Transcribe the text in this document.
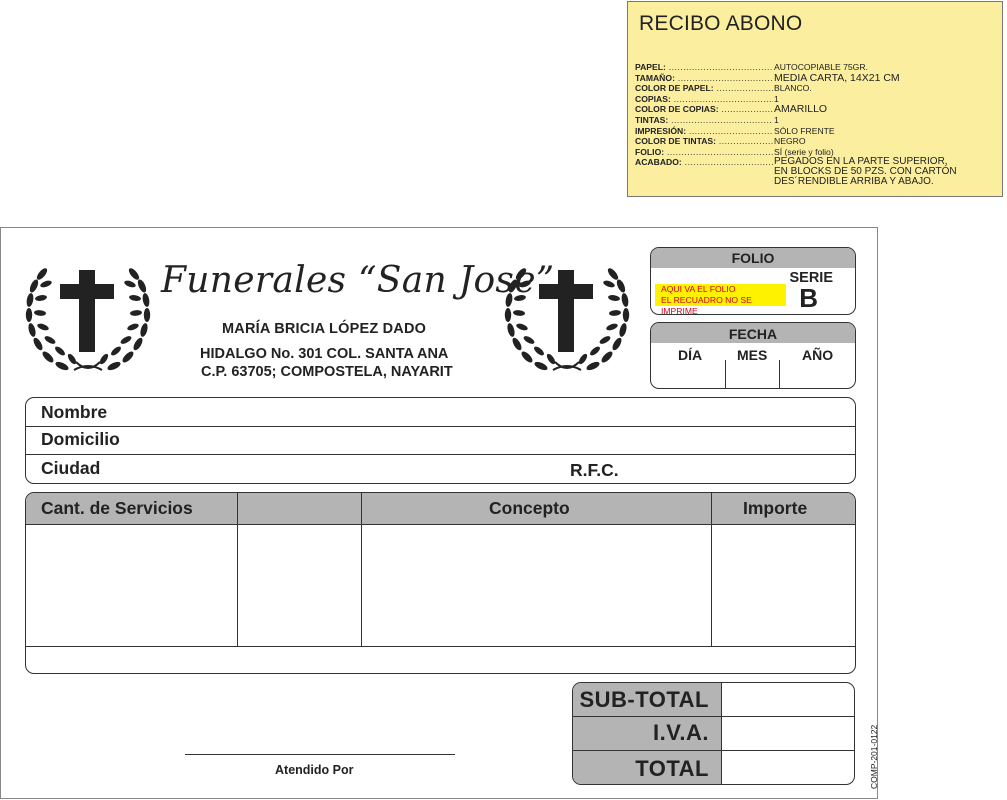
RECIBO ABONO
PAPEL: .....	AUTOCOPIABLE 75GR.
TAMAÑO: .....	MEDIA CARTA, 14X21 CM
COLOR DE PAPEL: .....	BLANCO.
COPIAS: .....	1
COLOR DE COPIAS: .....	AMARILLO
TINTAS: .....	1
IMPRESIÓN: .....	SÓLO FRENTE
COLOR DE TINTAS: .....	NEGRO
FOLIO: .....	SÍ (serie y folio)
ACABADO: .....	PEGADOS EN LA PARTE SUPERIOR,
EN BLOCKS DE 50 PZS. CON CARTÓN
DES´RENDIBLE ARRIBA Y ABAJO.
Funerales “San Jose”
MARÍA BRICIA LÓPEZ DADO
HIDALGO No. 301 COL. SANTA ANA
C.P. 63705; COMPOSTELA, NAYARIT
FOLIO
SERIE
B
AQUI VA EL FOLIO
EL RECUADRO NO SE IMPRIME
FECHA
DÍA MES AÑO
Nombre
Domicilio
Ciudad	R.F.C.
Cant. de Servicios	Concepto	Importe
SUB-TOTAL
I.V.A.
TOTAL
Atendido Por	COMP-201-0122
